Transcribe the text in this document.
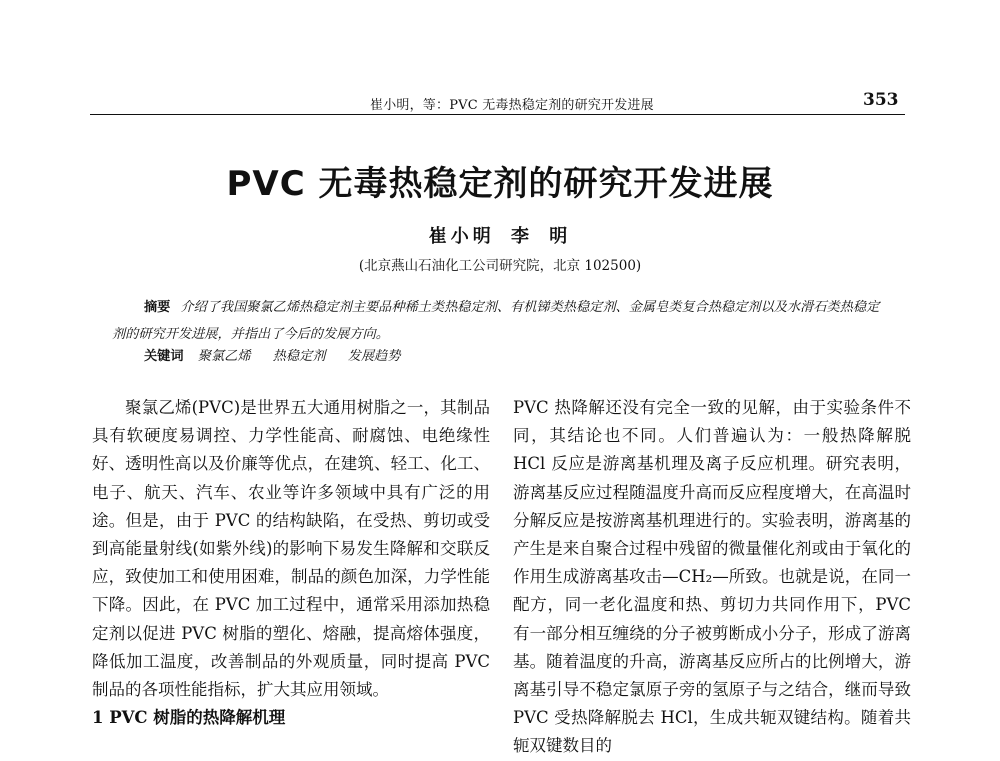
崔小明，等：PVC 无毒热稳定剂的研究开发进展	353
PVC 无毒热稳定剂的研究开发进展
崔小明 李 明
(北京燕山石油化工公司研究院，北京 102500)
摘要 介绍了我国聚氯乙烯热稳定剂主要品种稀土类热稳定剂、有机锑类热稳定剂、金属皂类复合热稳定剂以及水滑石类热稳定剂的研究开发进展，并指出了今后的发展方向。
关键词 聚氯乙烯 热稳定剂 发展趋势

聚氯乙烯(PVC)是世界五大通用树脂之一，其制品具有软硬度易调控、力学性能高、耐腐蚀、电绝缘性好、透明性高以及价廉等优点，在建筑、轻工、化工、电子、航天、汽车、农业等许多领域中具有广泛的用途。但是，由于 PVC 的结构缺陷，在受热、剪切或受到高能量射线(如紫外线)的影响下易发生降解和交联反应，致使加工和使用困难，制品的颜色加深，力学性能下降。因此，在 PVC 加工过程中，通常采用添加热稳定剂以促进 PVC 树脂的塑化、熔融，提高熔体强度，降低加工温度，改善制品的外观质量，同时提高 PVC 制品的各项性能指标，扩大其应用领域。

1 PVC 树脂的热降解机理

PVC 热降解还没有完全一致的见解，由于实验条件不同，其结论也不同。人们普遍认为：一般热降解脱 HCl 反应是游离基机理及离子反应机理。研究表明，游离基反应过程随温度升高而反应程度增大，在高温时分解反应是按游离基机理进行的。实验表明，游离基的产生是来自聚合过程中残留的微量催化剂或由于氧化的作用生成游离基攻击—CH₂—所致。也就是说，在同一配方，同一老化温度和热、剪切力共同作用下，PVC 有一部分相互缠绕的分子被剪断成小分子，形成了游离基。随着温度的升高，游离基反应所占的比例增大，游离基引导不稳定氯原子旁的氢原子与之结合，继而导致 PVC 受热降解脱去 HCl，生成共轭双键结构。随着共轭双键数目的
